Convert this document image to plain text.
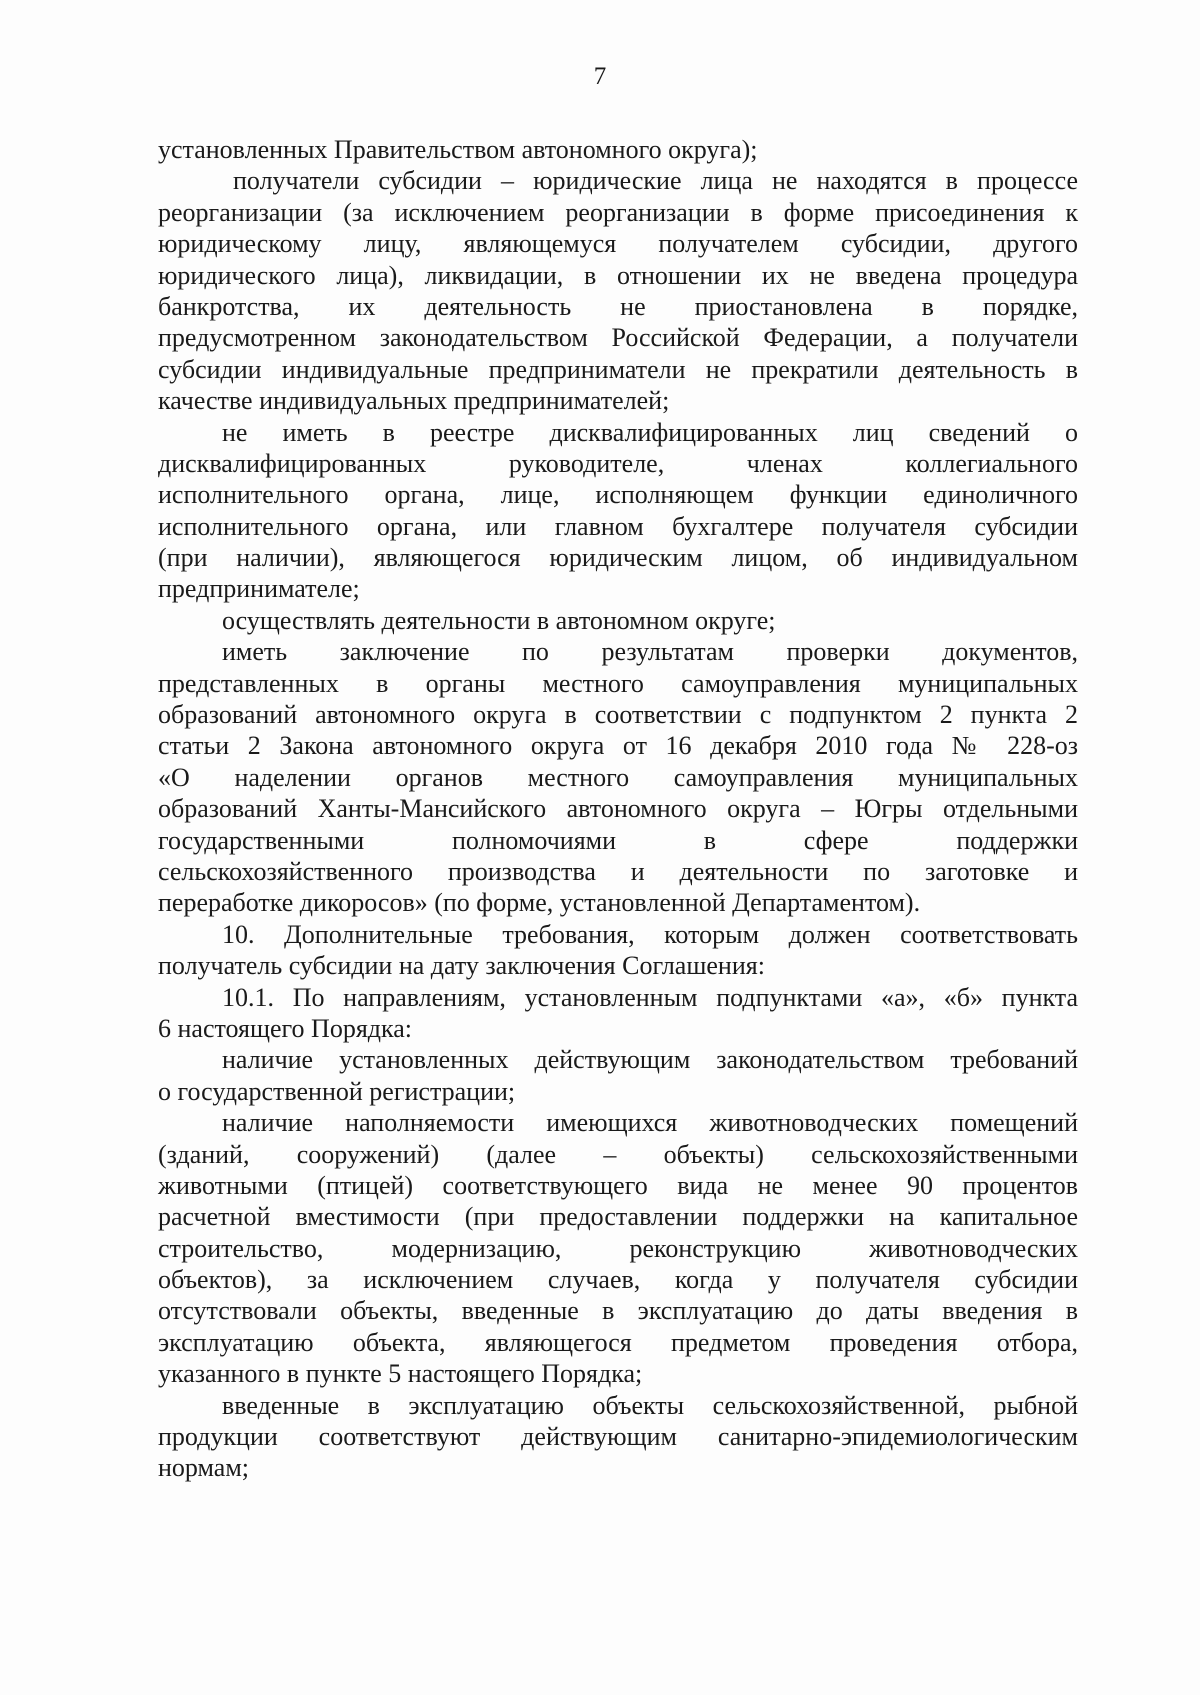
7
установленных Правительством автономного округа);
получатели субсидии – юридические лица не находятся в процессе
реорганизации (за исключением реорганизации в форме присоединения к
юридическому лицу, являющемуся получателем субсидии, другого
юридического лица), ликвидации, в отношении их не введена процедура
банкротства, их деятельность не приостановлена в порядке,
предусмотренном законодательством Российской Федерации, а получатели
субсидии индивидуальные предприниматели не прекратили деятельность в
качестве индивидуальных предпринимателей;
не иметь в реестре дисквалифицированных лиц сведений о
дисквалифицированных руководителе, членах коллегиального
исполнительного органа, лице, исполняющем функции единоличного
исполнительного органа, или главном бухгалтере получателя субсидии
(при наличии), являющегося юридическим лицом, об индивидуальном
предпринимателе;
осуществлять деятельности в автономном округе;
иметь заключение по результатам проверки документов,
представленных в органы местного самоуправления муниципальных
образований автономного округа в соответствии с подпунктом 2 пункта 2
статьи 2 Закона автономного округа от 16 декабря 2010 года № 228-оз
«О наделении органов местного самоуправления муниципальных
образований Ханты-Мансийского автономного округа – Югры отдельными
государственными полномочиями в сфере поддержки
сельскохозяйственного производства и деятельности по заготовке и
переработке дикоросов» (по форме, установленной Департаментом).
10. Дополнительные требования, которым должен соответствовать
получатель субсидии на дату заключения Соглашения:
10.1. По направлениям, установленным подпунктами «а», «б» пункта
6 настоящего Порядка:
наличие установленных действующим законодательством требований
о государственной регистрации;
наличие наполняемости имеющихся животноводческих помещений
(зданий, сооружений) (далее – объекты) сельскохозяйственными
животными (птицей) соответствующего вида не менее 90 процентов
расчетной вместимости (при предоставлении поддержки на капитальное
строительство, модернизацию, реконструкцию животноводческих
объектов), за исключением случаев, когда у получателя субсидии
отсутствовали объекты, введенные в эксплуатацию до даты введения в
эксплуатацию объекта, являющегося предметом проведения отбора,
указанного в пункте 5 настоящего Порядка;
введенные в эксплуатацию объекты сельскохозяйственной, рыбной
продукции соответствуют действующим санитарно-эпидемиологическим
нормам;
